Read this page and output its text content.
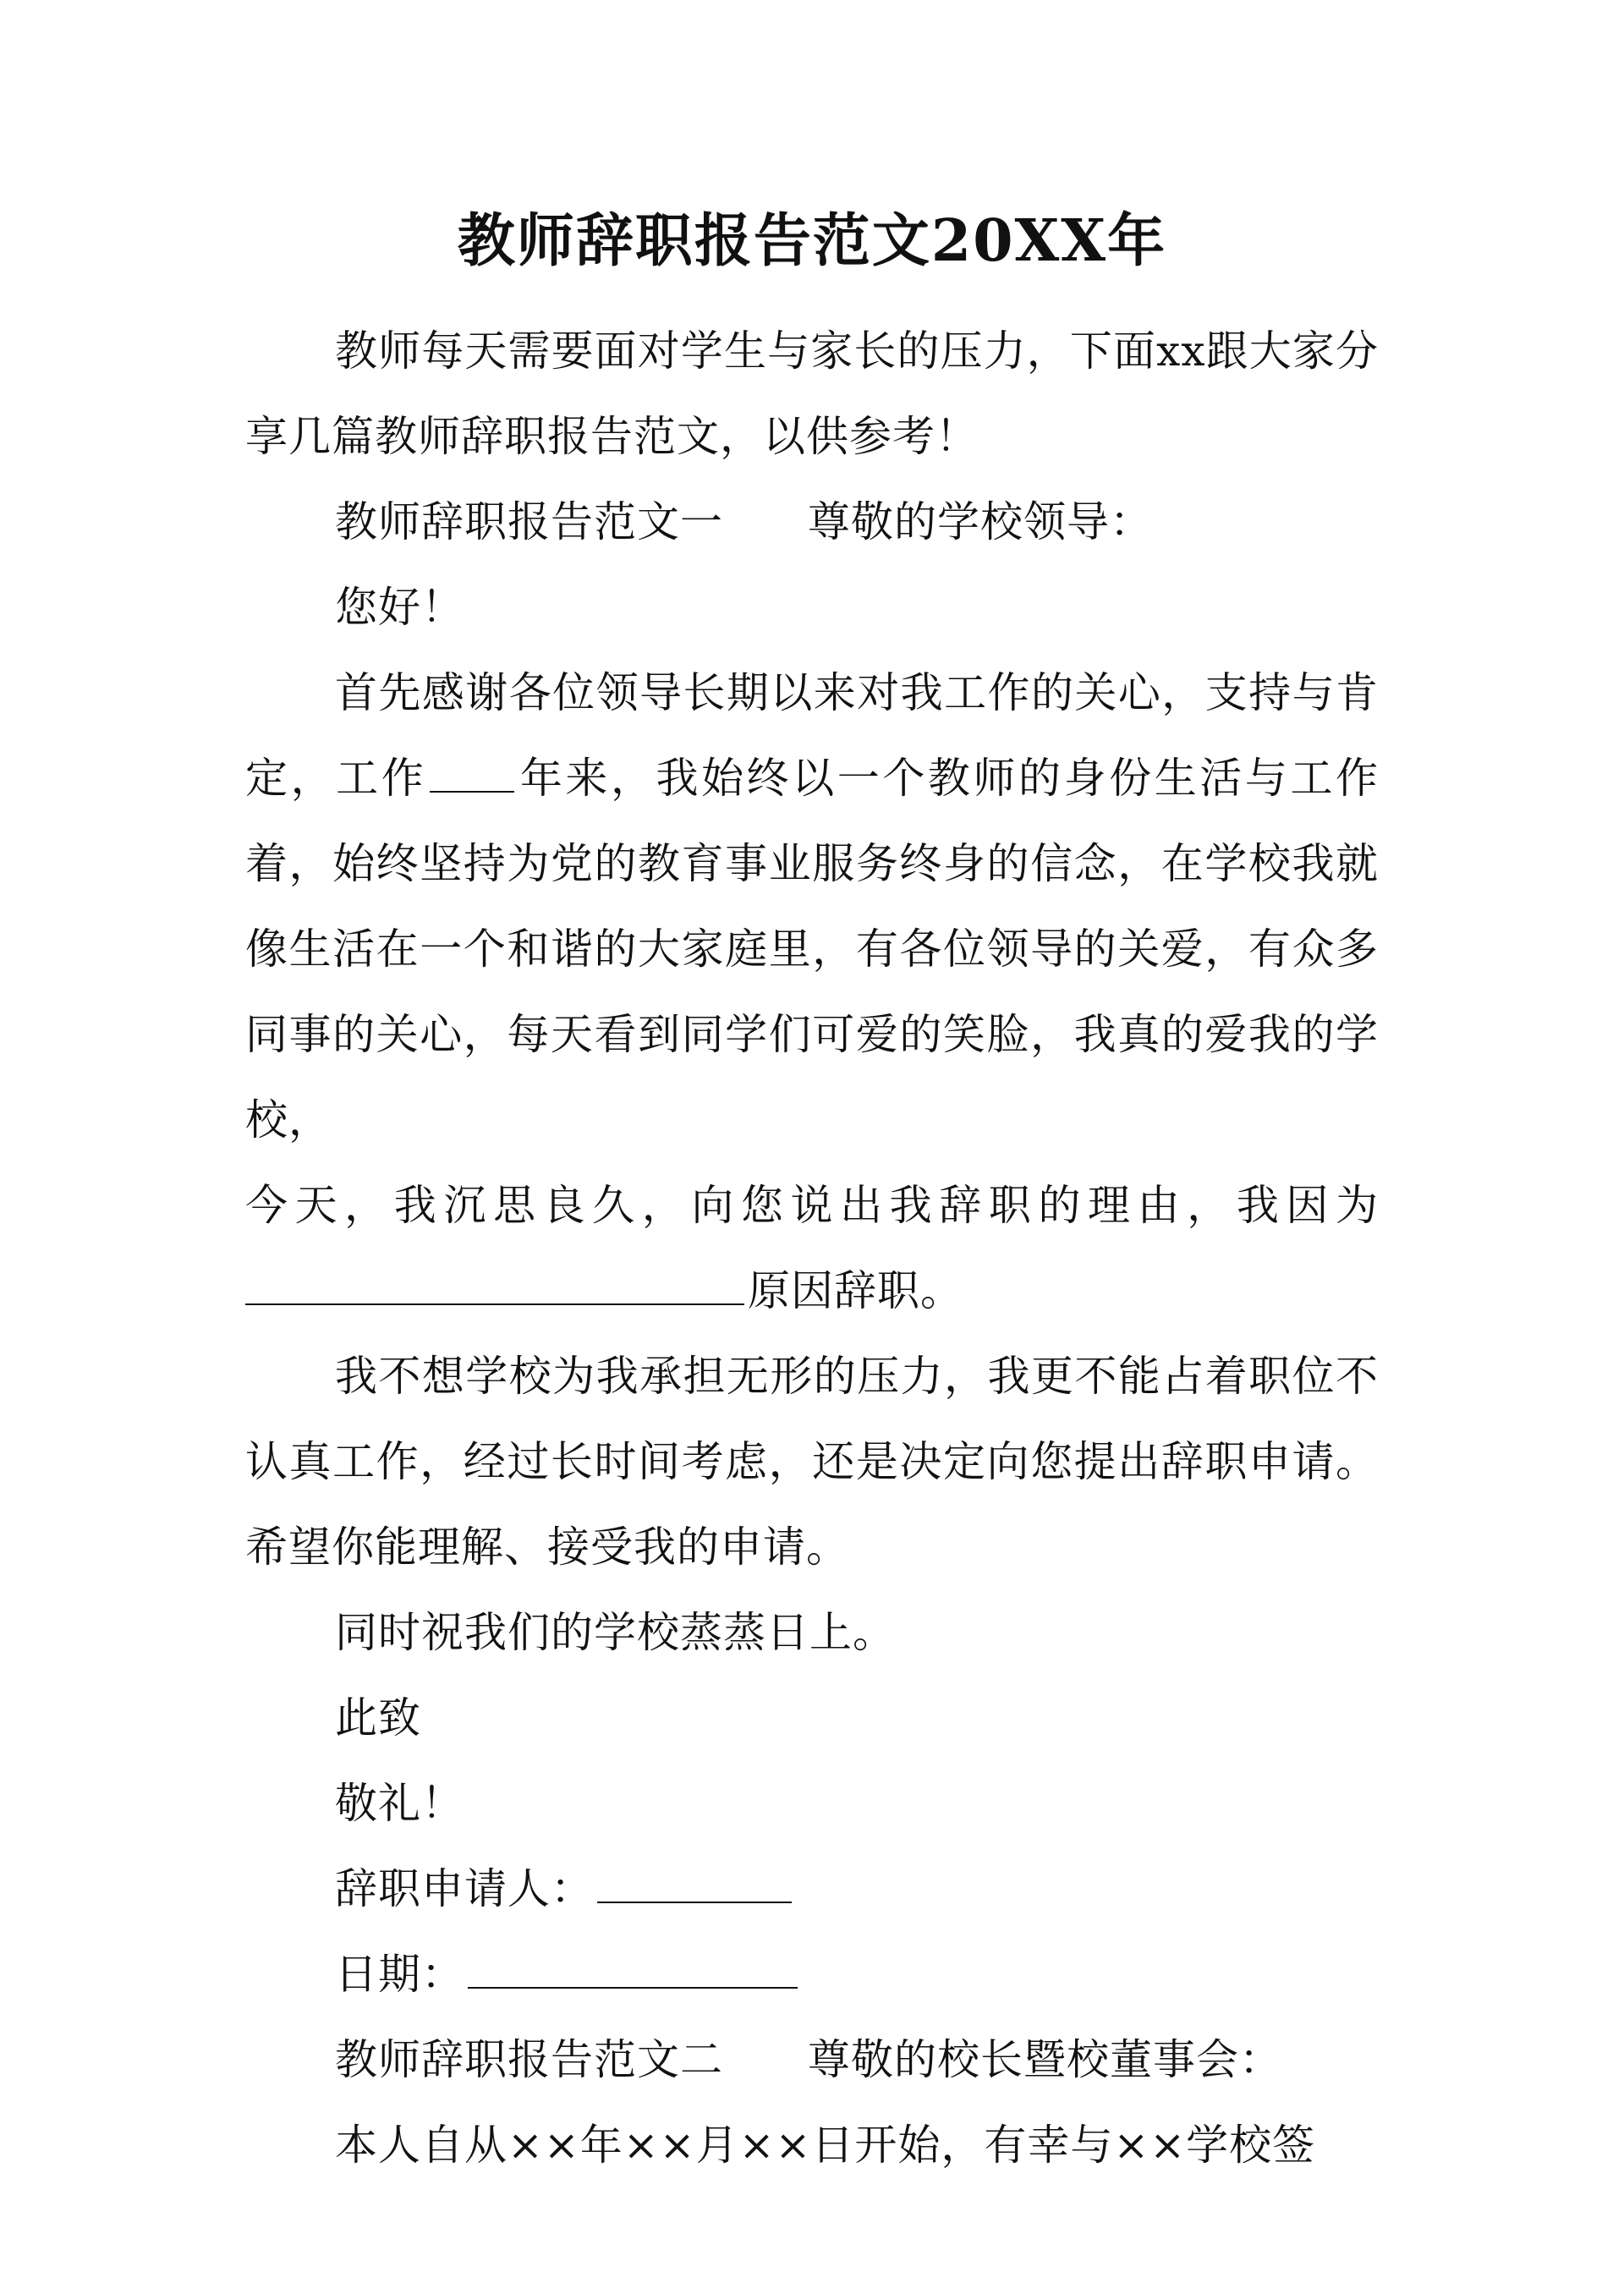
教师辞职报告范文20XX年

教师每天需要面对学生与家长的压力，下面xx跟大家分享几篇教师辞职报告范文，以供参考！

教师辞职报告范文一 尊敬的学校领导：

您好！

首先感谢各位领导长期以来对我工作的关心，支持与肯定，工作 年来，我始终以一个教师的身份生活与工作着，始终坚持为党的教育事业服务终身的信念，在学校我就像生活在一个和谐的大家庭里，有各位领导的关爱，有众多同事的关心，每天看到同学们可爱的笑脸，我真的爱我的学校，

今天，我沉思良久，向您说出我辞职的理由，我因为

原因辞职。

我不想学校为我承担无形的压力，我更不能占着职位不认真工作，经过长时间考虑，还是决定向您提出辞职申请。希望你能理解、接受我的申请。

同时祝我们的学校蒸蒸日上。

此致

敬礼！

辞职申请人：

日期：

教师辞职报告范文二 尊敬的校长暨校董事会：

本人自从××年××月××日开始，有幸与××学校签
